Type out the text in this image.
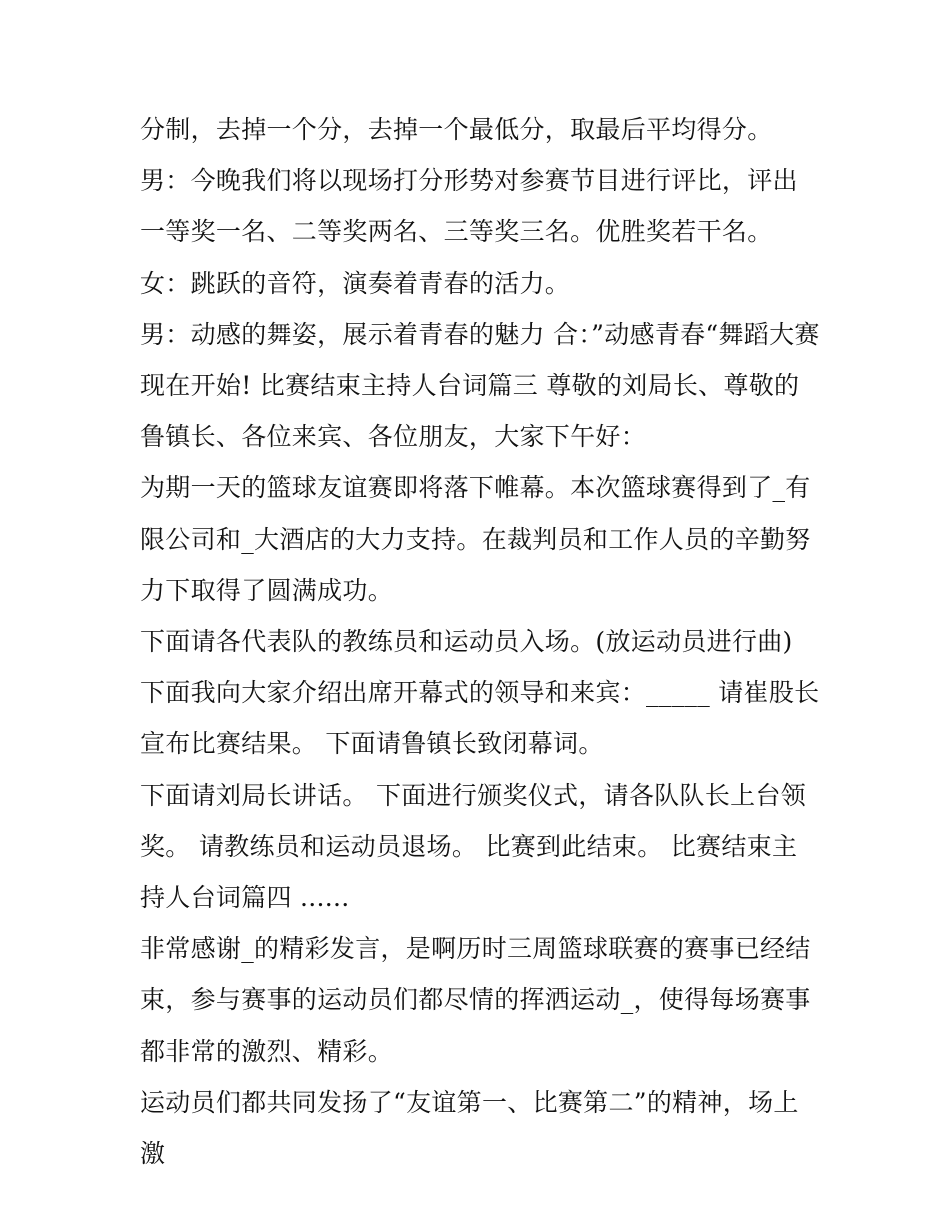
分制，去掉一个分，去掉一个最低分，取最后平均得分。

男：今晚我们将以现场打分形势对参赛节目进行评比，评出一等奖一名、二等奖两名、三等奖三名。优胜奖若干名。 女：跳跃的音符，演奏着青春的活力。

男：动感的舞姿，展示着青春的魅力 合：”动感青春“舞蹈大赛现在开始! 比赛结束主持人台词篇三 尊敬的刘局长、尊敬的鲁镇长、各位来宾、各位朋友，大家下午好：

为期一天的篮球友谊赛即将落下帷幕。本次篮球赛得到了_有限公司和_大酒店的大力支持。在裁判员和工作人员的辛勤努力下取得了圆满成功。

下面请各代表队的教练员和运动员入场。(放运动员进行曲) 下面我向大家介绍出席开幕式的领导和来宾：_____ 请崔股长宣布比赛结果。 下面请鲁镇长致闭幕词。

下面请刘局长讲话。 下面进行颁奖仪式，请各队队长上台领奖。 请教练员和运动员退场。 比赛到此结束。 比赛结束主持人台词篇四 ......

非常感谢_的精彩发言，是啊历时三周篮球联赛的赛事已经结束，参与赛事的运动员们都尽情的挥洒运动_，使得每场赛事都非常的激烈、精彩。

运动员们都共同发扬了“友谊第一、比赛第二”的精神，场上激
